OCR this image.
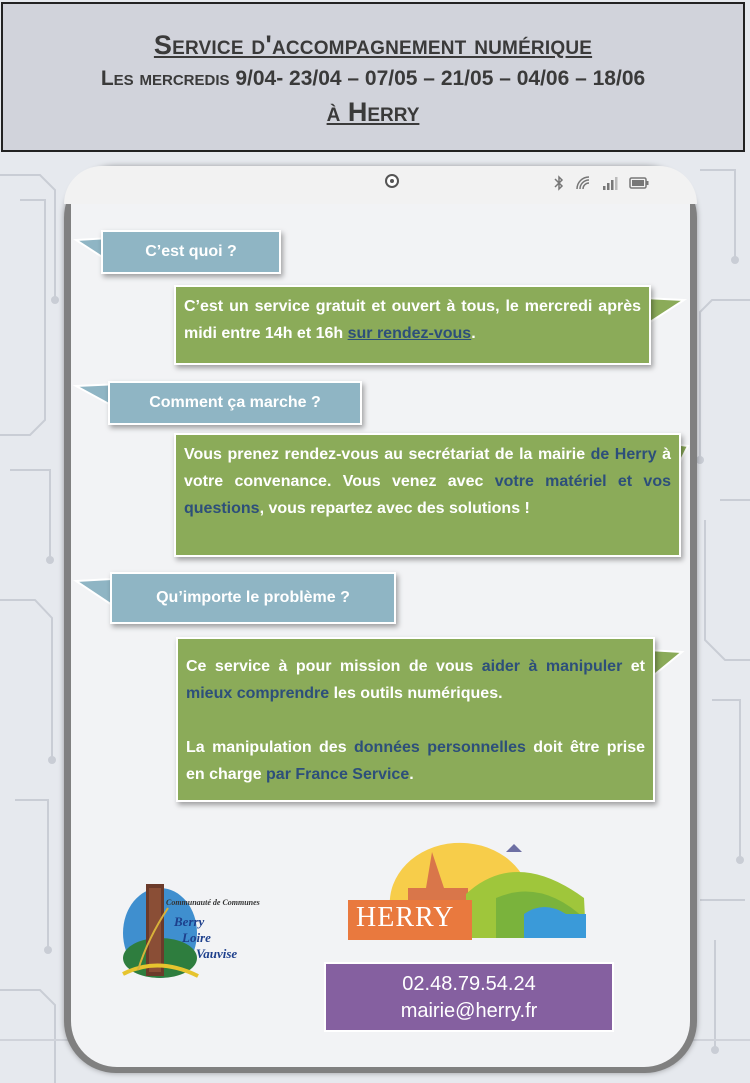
Service d'accompagnement numérique
Les mercredis 9/04- 23/04 – 07/05 – 21/05 – 04/06 – 18/06
à Herry
C’est quoi ?
C’est un service gratuit et ouvert à tous, le mercredi après midi entre 14h et 16h sur rendez-vous.
Comment ça marche ?
Vous prenez rendez-vous au secrétariat de la mairie de Herry à votre convenance. Vous venez avec votre matériel et vos questions, vous repartez avec des solutions !
Qu’importe le problème ?
Ce service à pour mission de vous aider à manipuler et mieux comprendre les outils numériques.
La manipulation des données personnelles doit être prise en charge par France Service.
Communauté de Communes
Berry
Loire
Vauvise
HERRY
02.48.79.54.24
mairie@herry.fr
